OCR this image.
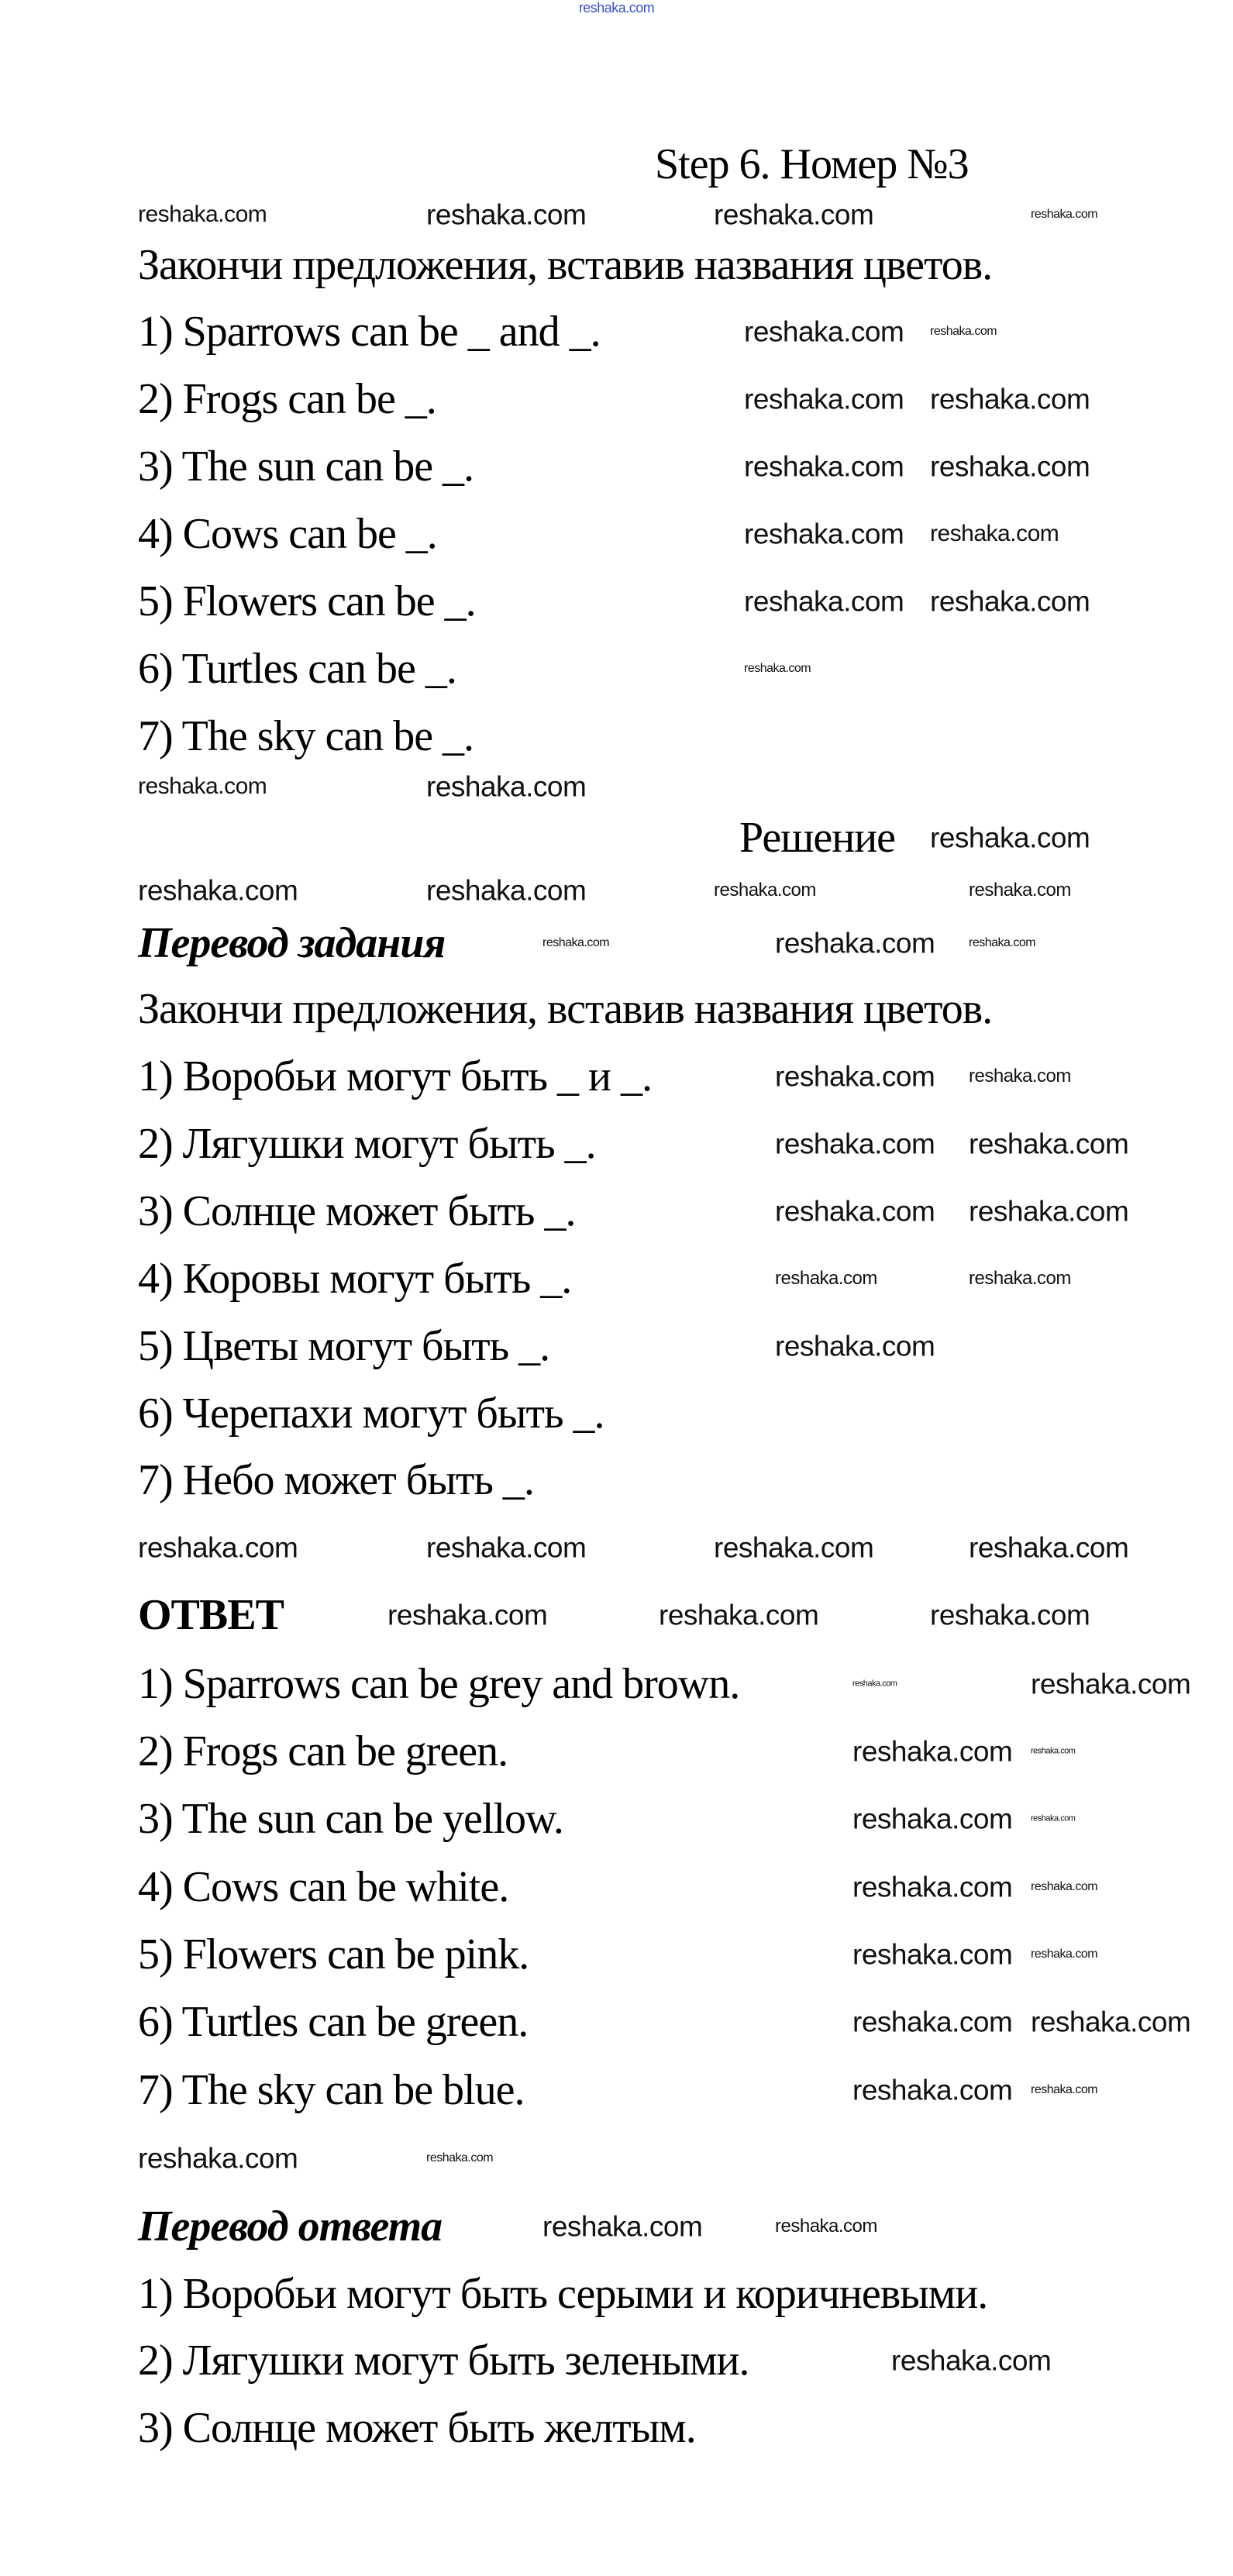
reshaka.com
reshaka.com	reshaka.com
reshaka.com	reshaka.com
reshaka.com
reshaka.com
reshaka.com reshaka.com
reshaka.com reshaka.com
reshaka.com reshaka.com
reshaka.com reshaka.com
reshaka.com
reshaka.com	reshaka.com
reshaka.com
reshaka.com	reshaka.com	reshaka.com	reshaka.com
reshaka.com	reshaka.com	reshaka.com
reshaka.com reshaka.com
reshaka.com reshaka.com
reshaka.com reshaka.com
reshaka.com	reshaka.com
reshaka.com
reshaka.com	reshaka.com	reshaka.com	reshaka.com
reshaka.com	reshaka.com	reshaka.com
reshaka.com	reshaka.com
reshaka.com reshaka.com
reshaka.com reshaka.com
reshaka.com reshaka.com
reshaka.com reshaka.com
reshaka.com reshaka.com
reshaka.com reshaka.com
reshaka.com	reshaka.com
reshaka.com	reshaka.com
reshaka.com
Step 6. Номер №3
Закончи предложения, вставив названия цветов.
1) Sparrows can be _ and _.
2) Frogs can be _.
3) The sun can be _.
4) Cows can be _.
5) Flowers can be _.
6) Turtles can be _.
7) The sky can be _.
Решение
Перевод задания
Закончи предложения, вставив названия цветов.
1) Воробьи могут быть _ и _.
2) Лягушки могут быть _.
3) Солнце может быть _.
4) Коровы могут быть _.
5) Цветы могут быть _.
6) Черепахи могут быть _.
7) Небо может быть _.
ОТВЕТ
1) Sparrows can be grey and brown.
2) Frogs can be green.
3) The sun can be yellow.
4) Cows can be white.
5) Flowers can be pink.
6) Turtles can be green.
7) The sky can be blue.
Перевод ответа
1) Воробьи могут быть серыми и коричневыми.
2) Лягушки могут быть зелеными.
3) Солнце может быть желтым.
